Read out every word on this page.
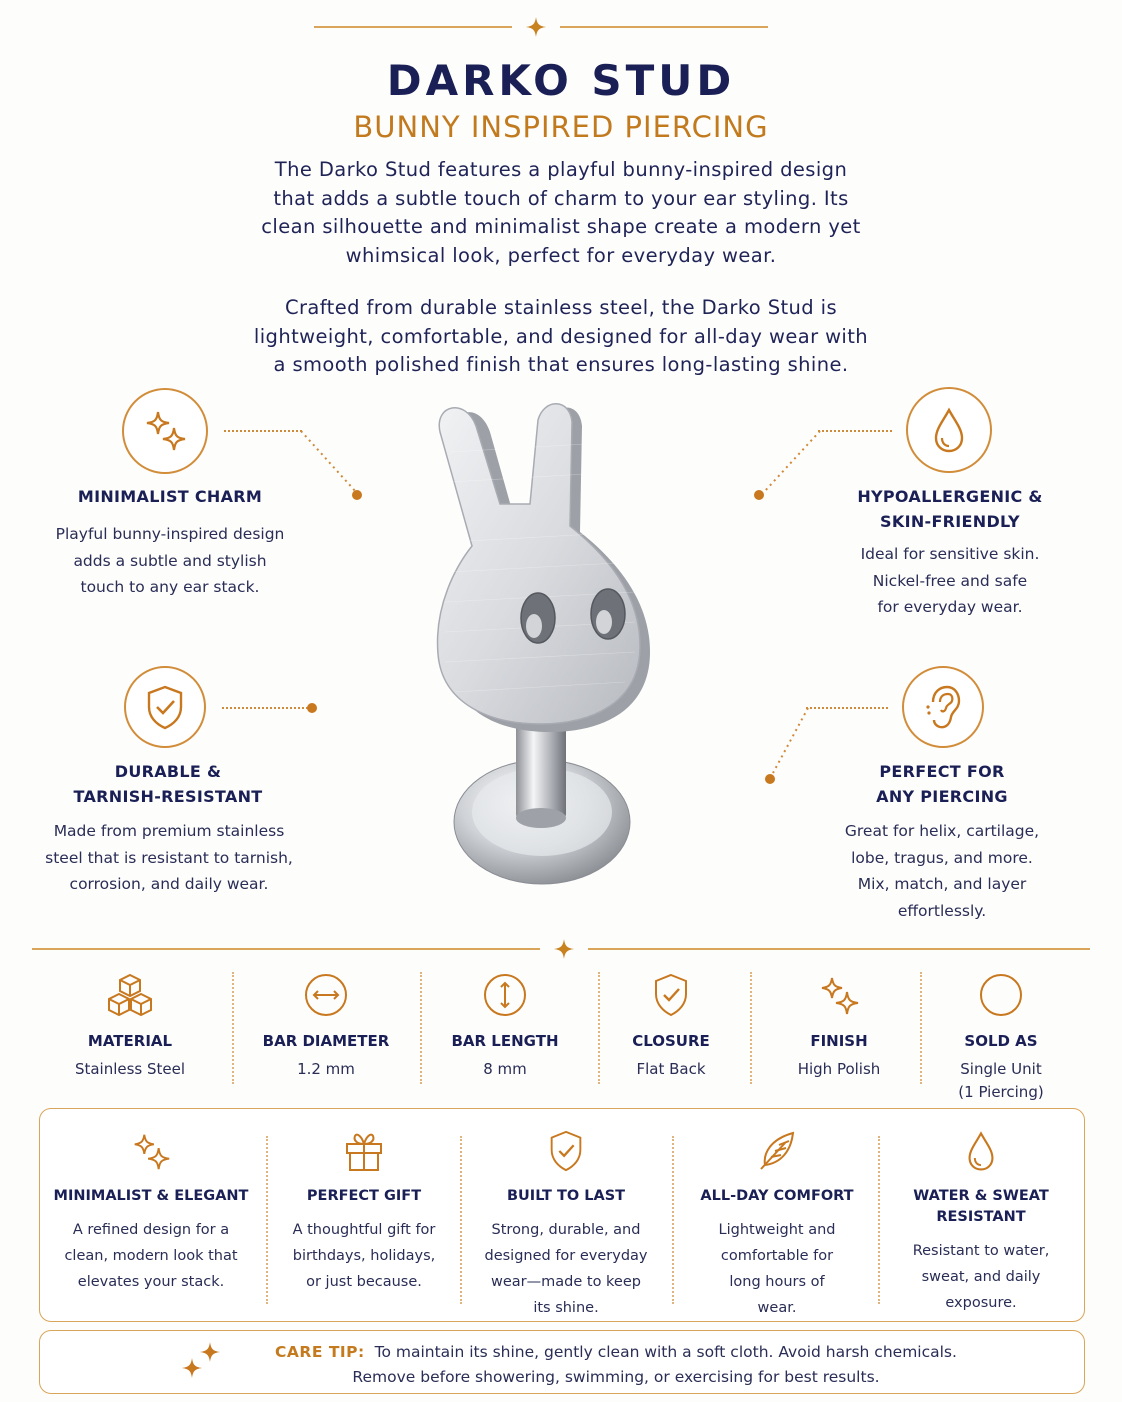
DARKO STUD
BUNNY INSPIRED PIERCING
The Darko Stud features a playful bunny-inspired design
that adds a subtle touch of charm to your ear styling. Its
clean silhouette and minimalist shape create a modern yet
whimsical look, perfect for everyday wear.
Crafted from durable stainless steel, the Darko Stud is
lightweight, comfortable, and designed for all-day wear with
a smooth polished finish that ensures long-lasting shine.
MINIMALIST CHARM
Playful bunny-inspired design
adds a subtle and stylish
touch to any ear stack.
HYPOALLERGENIC &
SKIN-FRIENDLY
Ideal for sensitive skin.
Nickel-free and safe
for everyday wear.
DURABLE &
TARNISH-RESISTANT
Made from premium stainless
steel that is resistant to tarnish,
corrosion, and daily wear.
PERFECT FOR
ANY PIERCING
Great for helix, cartilage,
lobe, tragus, and more.
Mix, match, and layer
effortlessly.
MATERIAL
Stainless Steel
BAR DIAMETER
1.2 mm
BAR LENGTH
8 mm
CLOSURE
Flat Back
FINISH
High Polish
SOLD AS
Single Unit
(1 Piercing)
MINIMALIST & ELEGANT
A refined design for a
clean, modern look that
elevates your stack.
PERFECT GIFT
A thoughtful gift for
birthdays, holidays,
or just because.
BUILT TO LAST
Strong, durable, and
designed for everyday
wear—made to keep
its shine.
ALL-DAY COMFORT
Lightweight and
comfortable for
long hours of
wear.
WATER & SWEAT
RESISTANT
Resistant to water,
sweat, and daily
exposure.
CARE TIP: To maintain its shine, gently clean with a soft cloth. Avoid harsh chemicals.
Remove before showering, swimming, or exercising for best results.
